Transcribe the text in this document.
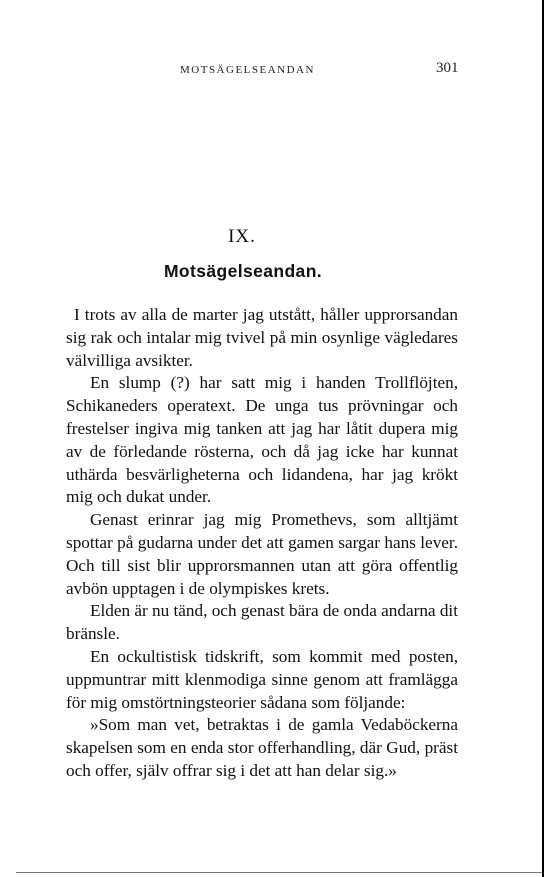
MOTSÄGELSEANDAN	301
IX.
Motsägelseandan.

I trots av alla de marter jag utstått, håller upprorsandan sig rak och intalar mig tvivel på min osynlige vägledares välvilliga avsikter.

En slump (?) har satt mig i handen Trollflöjten, Schikaneders operatext. De unga tus prövningar och frestelser ingiva mig tanken att jag har låtit dupera mig av de förledande rösterna, och då jag icke har kunnat uthärda besvärligheterna och lidandena, har jag krökt mig och dukat under.

Genast erinrar jag mig Promethevs, som alltjämt spottar på gudarna under det att gamen sargar hans lever. Och till sist blir upprorsmannen utan att göra offentlig avbön upptagen i de olympiskes krets.

Elden är nu tänd, och genast bära de onda andarna dit bränsle.

En ockultistisk tidskrift, som kommit med posten, uppmuntrar mitt klenmodiga sinne genom att framlägga för mig omstörtningsteorier sådana som följande:

»Som man vet, betraktas i de gamla Vedaböckerna skapelsen som en enda stor offerhandling, där Gud, präst och offer, själv offrar sig i det att han delar sig.»
